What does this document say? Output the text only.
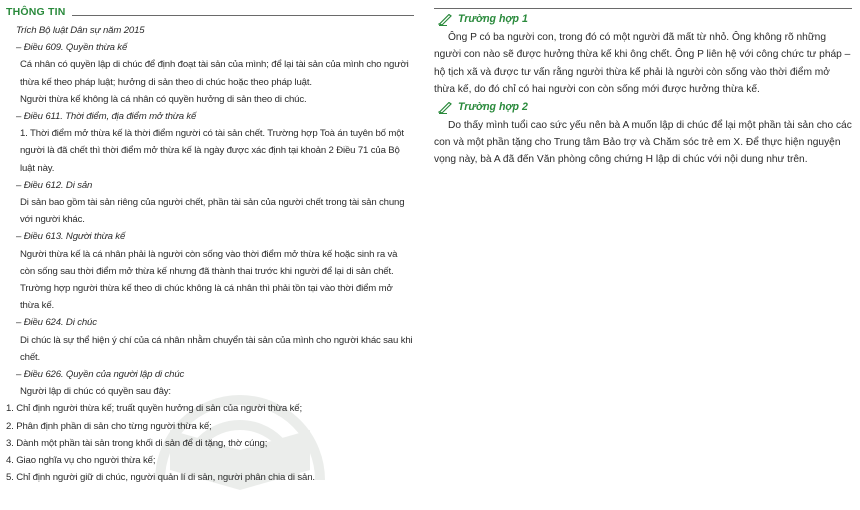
THÔNG TIN

Trích Bộ luật Dân sự năm 2015

– Điều 609. Quyền thừa kế

Cá nhân có quyền lập di chúc để định đoạt tài sản của mình; để lại tài sản của mình cho người thừa kế theo pháp luật; hưởng di sản theo di chúc hoặc theo pháp luật.

Người thừa kế không là cá nhân có quyền hưởng di sản theo di chúc.

– Điều 611. Thời điểm, địa điểm mở thừa kế

1. Thời điểm mở thừa kế là thời điểm người có tài sản chết. Trường hợp Toà án tuyên bố một người là đã chết thì thời điểm mở thừa kế là ngày được xác định tại khoản 2 Điều 71 của Bộ luật này.

– Điều 612. Di sản

Di sản bao gồm tài sản riêng của người chết, phần tài sản của người chết trong tài sản chung với người khác.

– Điều 613. Người thừa kế

Người thừa kế là cá nhân phải là người còn sống vào thời điểm mở thừa kế hoặc sinh ra và còn sống sau thời điểm mở thừa kế nhưng đã thành thai trước khi người để lại di sản chết. Trường hợp người thừa kế theo di chúc không là cá nhân thì phải tồn tại vào thời điểm mở thừa kế.

– Điều 624. Di chúc

Di chúc là sự thể hiện ý chí của cá nhân nhằm chuyển tài sản của mình cho người khác sau khi chết.

– Điều 626. Quyền của người lập di chúc

Người lập di chúc có quyền sau đây:

1. Chỉ định người thừa kế; truất quyền hưởng di sản của người thừa kế;

2. Phân định phần di sản cho từng người thừa kế;

3. Dành một phần tài sản trong khối di sản để di tặng, thờ cúng;

4. Giao nghĩa vụ cho người thừa kế;

5. Chỉ định người giữ di chúc, người quản lí di sản, người phân chia di sản.

Trường hợp 1

Ông P có ba người con, trong đó có một người đã mất từ nhỏ. Ông không rõ những người con nào sẽ được hưởng thừa kế khi ông chết. Ông P liên hệ với công chức tư pháp – hộ tịch xã và được tư vấn rằng người thừa kế phải là người còn sống vào thời điểm mở thừa kế, do đó chỉ có hai người con còn sống mới được hưởng thừa kế.

Trường hợp 2

Do thấy mình tuổi cao sức yếu nên bà A muốn lập di chúc để lại một phần tài sản cho các con và một phần tặng cho Trung tâm Bảo trợ và Chăm sóc trẻ em X. Để thực hiện nguyện vọng này, bà A đã đến Văn phòng công chứng H lập di chúc với nội dung như trên.
